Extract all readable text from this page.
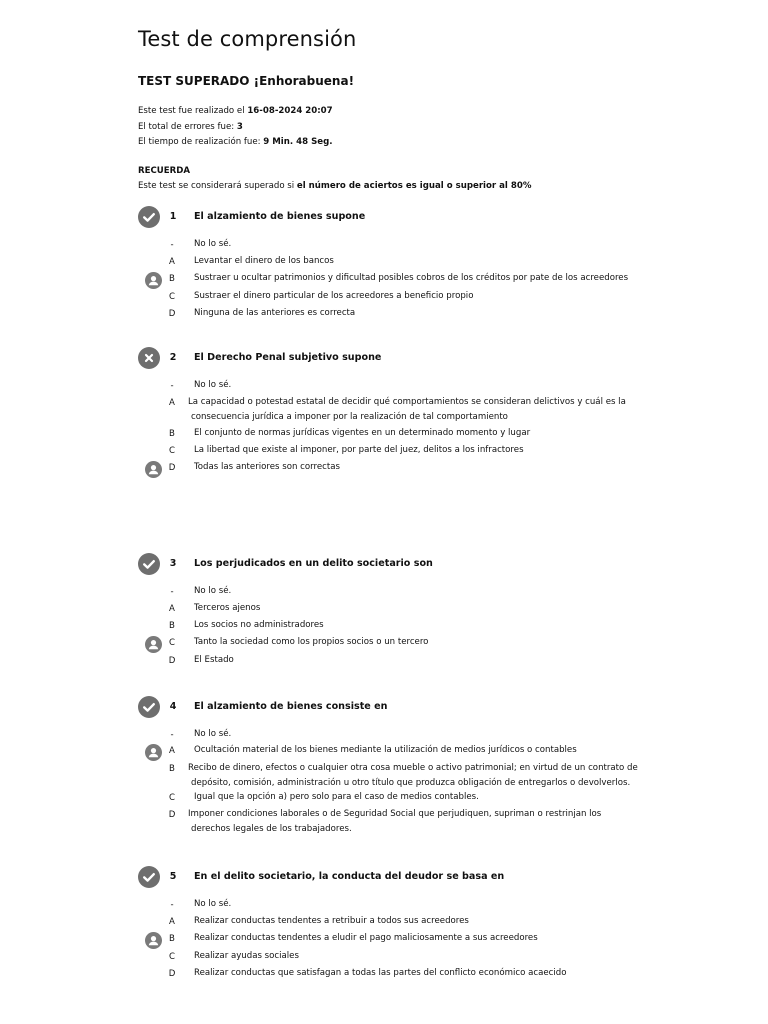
Test de comprensión
TEST SUPERADO ¡Enhorabuena!
Este test fue realizado el 16-08-2024 20:07
El total de errores fue: 3
El tiempo de realización fue: 9 Min. 48 Seg.
RECUERDA
Este test se considerará superado si el número de aciertos es igual o superior al 80%
1	El alzamiento de bienes supone
-	No lo sé.
A	Levantar el dinero de los bancos
B	Sustraer u ocultar patrimonios y dificultad posibles cobros de los créditos por pate de los acreedores
C	Sustraer el dinero particular de los acreedores a beneficio propio
D	Ninguna de las anteriores es correcta
2	El Derecho Penal subjetivo supone
-	No lo sé.
A	La capacidad o potestad estatal de decidir qué comportamientos se consideran delictivos y cuál es la
consecuencia jurídica a imponer por la realización de tal comportamiento
B	El conjunto de normas jurídicas vigentes en un determinado momento y lugar
C	La libertad que existe al imponer, por parte del juez, delitos a los infractores
D	Todas las anteriores son correctas
3	Los perjudicados en un delito societario son
-	No lo sé.
A	Terceros ajenos
B	Los socios no administradores
C	Tanto la sociedad como los propios socios o un tercero
D	El Estado
4	El alzamiento de bienes consiste en
-	No lo sé.
A	Ocultación material de los bienes mediante la utilización de medios jurídicos o contables
B	Recibo de dinero, efectos o cualquier otra cosa mueble o activo patrimonial; en virtud de un contrato de
depósito, comisión, administración u otro título que produzca obligación de entregarlos o devolverlos.
C	Igual que la opción a) pero solo para el caso de medios contables.
D	Imponer condiciones laborales o de Seguridad Social que perjudiquen, supriman o restrinjan los
derechos legales de los trabajadores.
5	En el delito societario, la conducta del deudor se basa en
-	No lo sé.
A	Realizar conductas tendentes a retribuir a todos sus acreedores
B	Realizar conductas tendentes a eludir el pago maliciosamente a sus acreedores
C	Realizar ayudas sociales
D	Realizar conductas que satisfagan a todas las partes del conflicto económico acaecido
